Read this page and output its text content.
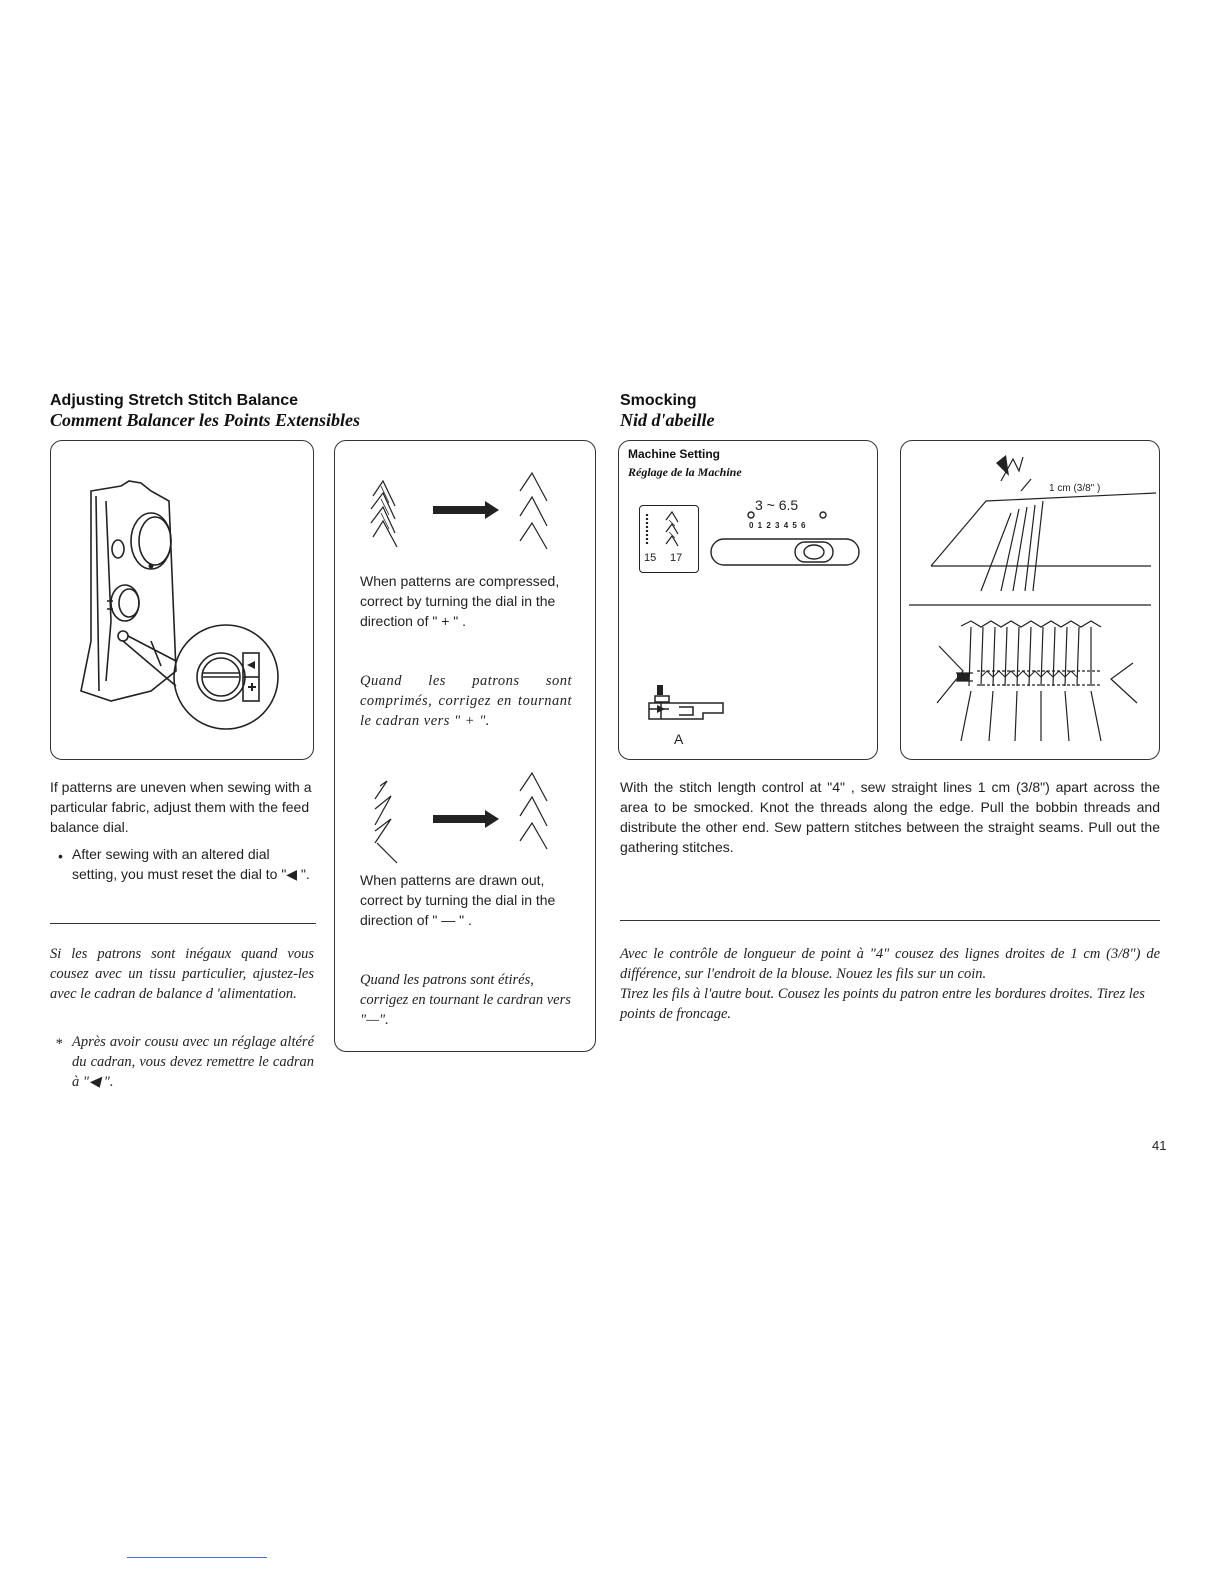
Adjusting Stretch Stitch Balance
Comment Balancer les Points Extensibles
If patterns are uneven when sewing with a particular fabric, adjust them with the feed balance dial.
• After sewing with an altered dial setting, you must reset the dial to "◀ ".
Si les patrons sont inégaux quand vous cousez avec un tissu particulier, ajustez-les avec le cadran de balance d 'alimentation.
* Après avoir cousu avec un réglage altéré du cadran, vous devez remettre le cadran à "◀ ".
When patterns are compressed, correct by turning the dial in the direction of " + " .
Quand les patrons sont comprimés, corrigez en tournant le cadran vers " + ".
When patterns are drawn out, correct by turning the dial in the direction of " — " .
Quand les patrons sont étirés, corrigez en tournant le cardran vers "—".
Smocking
Nid d'abeille
Machine Setting
Réglage de la Machine
15 17
3 ~ 6.5
0 1 2 3 4 5 6
A
1 cm (3/8" )
With the stitch length control at "4" , sew straight lines 1 cm (3/8") apart across the area to be smocked. Knot the threads along the edge. Pull the bobbin threads and distribute the other end. Sew pattern stitches between the straight seams. Pull out the gathering stitches.
Avec le contrôle de longueur de point à "4" cousez des lignes droites de 1 cm (3/8") de différence, sur l'endroit de la blouse. Nouez les fils sur un coin.
Tirez les fils à l'autre bout. Cousez les points du patron entre les bordures droites. Tirez les points de froncage.
41
